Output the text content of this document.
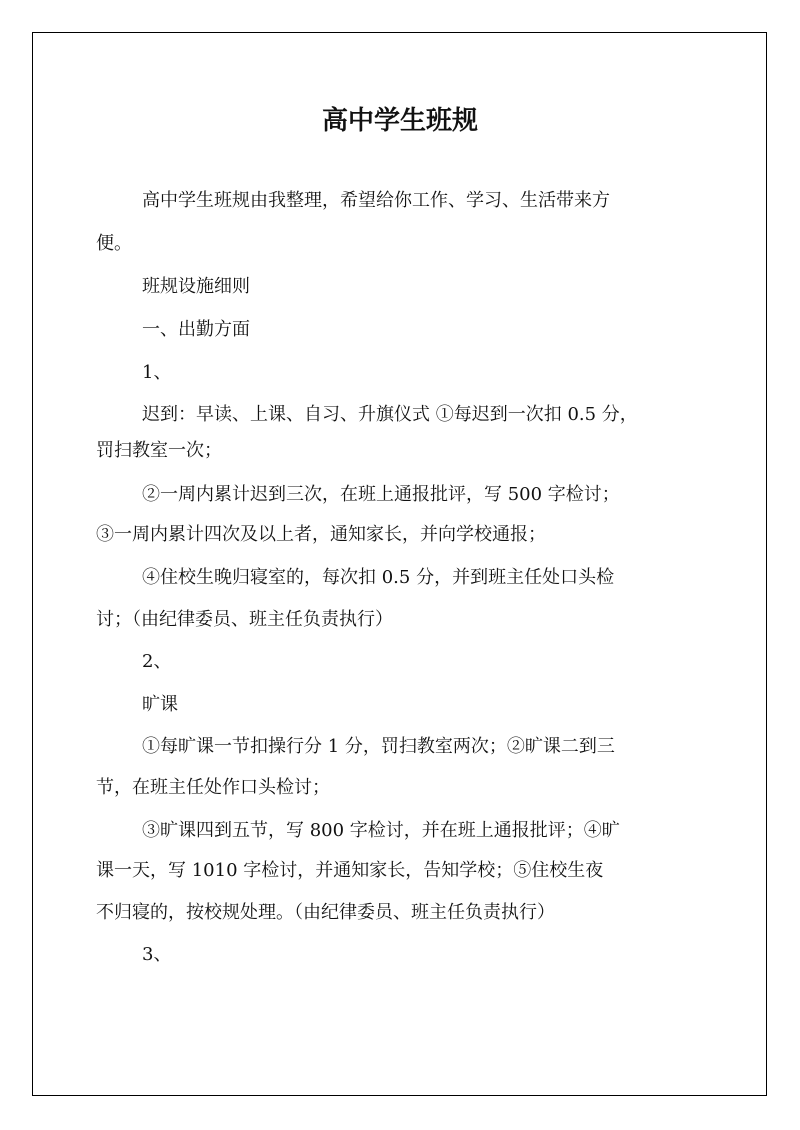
高中学生班规
高中学生班规由我整理，希望给你工作、学习、生活带来方
便。
班规设施细则
一、出勤方面
1、
迟到：早读、上课、自习、升旗仪式 ①每迟到一次扣 0.5 分，
罚扫教室一次；
②一周内累计迟到三次，在班上通报批评，写 500 字检讨；
③一周内累计四次及以上者，通知家长，并向学校通报；
④住校生晚归寝室的，每次扣 0.5 分，并到班主任处口头检
讨；（由纪律委员、班主任负责执行）
2、
旷课
①每旷课一节扣操行分 1 分，罚扫教室两次；②旷课二到三
节，在班主任处作口头检讨；
③旷课四到五节，写 800 字检讨，并在班上通报批评；④旷
课一天，写 1010 字检讨，并通知家长，告知学校；⑤住校生夜
不归寝的，按校规处理。（由纪律委员、班主任负责执行）
3、
